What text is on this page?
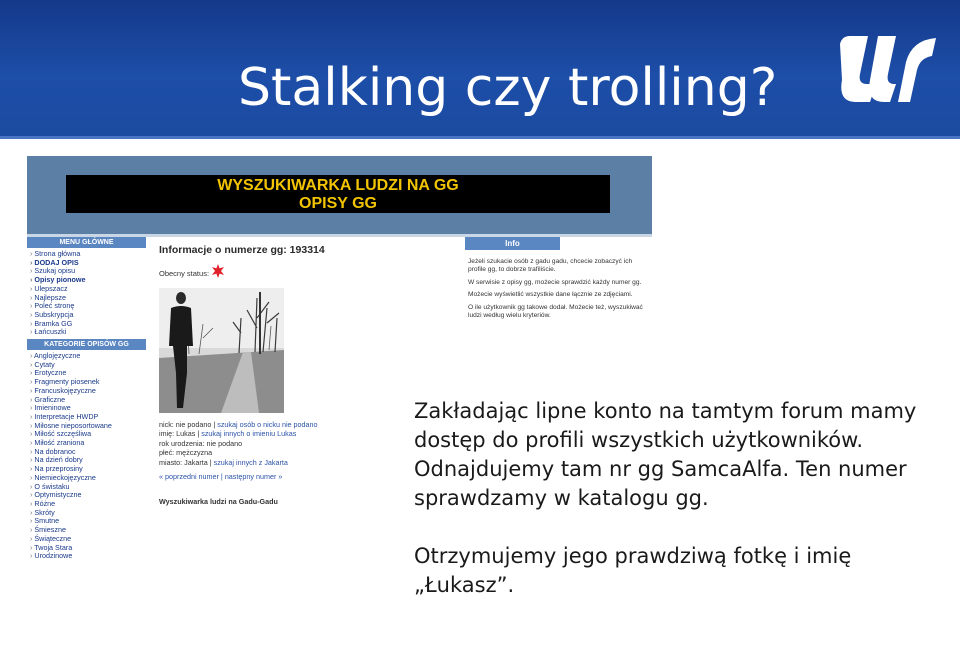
Stalking czy trolling?
WYSZUKIWARKA LUDZI NA GG
OPISY GG
MENU GŁÓWNE
› Strona główna
› DODAJ OPIS
› Szukaj opisu
› Opisy pionowe
› Ulepszacz
› Najlepsze
› Poleć stronę
› Subskrypcja
› Bramka GG
› Łańcuszki
KATEGORIE OPISÓW GG
› Anglojęzyczne
› Cytaty
› Erotyczne
› Fragmenty piosenek
› Francuskojęzyczne
› Graficzne
› Imieninowe
› Interpretacje HWDP
› Miłosne nieposortowane
› Miłość szczęśliwa
› Miłość zraniona
› Na dobranoc
› Na dzień dobry
› Na przeprosiny
› Niemieckojęzyczne
› O świstaku
› Optymistyczne
› Różne
› Skróty
› Smutne
› Śmieszne
› Świąteczne
› Twoja Stara
› Urodzinowe
Informacje o numerze gg: 193314
Obecny status:
nick: nie podano | szukaj osób o nicku nie podano
imię: Lukas | szukaj innych o imieniu Lukas
rok urodzenia: nie podano
płeć: mężczyzna
miasto: Jakarta | szukaj innych z Jakarta
« poprzedni numer | następny numer »
Wyszukiwarka ludzi na Gadu-Gadu
Info
Jeżeli szukacie osób z gadu gadu, chcecie zobaczyć ich profile gg, to dobrze trafiliście.
W serwisie z opisy gg, możecie sprawdzić każdy numer gg.
Możecie wyświetlić wszystkie dane łącznie ze zdjęciami.
O ile użytkownik gg takowe dodał. Możecie też, wyszukiwać ludzi według wielu kryteriów.

Zakładając lipne konto na tamtym forum mamy dostęp do profili wszystkich użytkowników. Odnajdujemy tam nr gg SamcaAlfa. Ten numer sprawdzamy w katalogu gg.

Otrzymujemy jego prawdziwą fotkę i imię „Łukasz”.
